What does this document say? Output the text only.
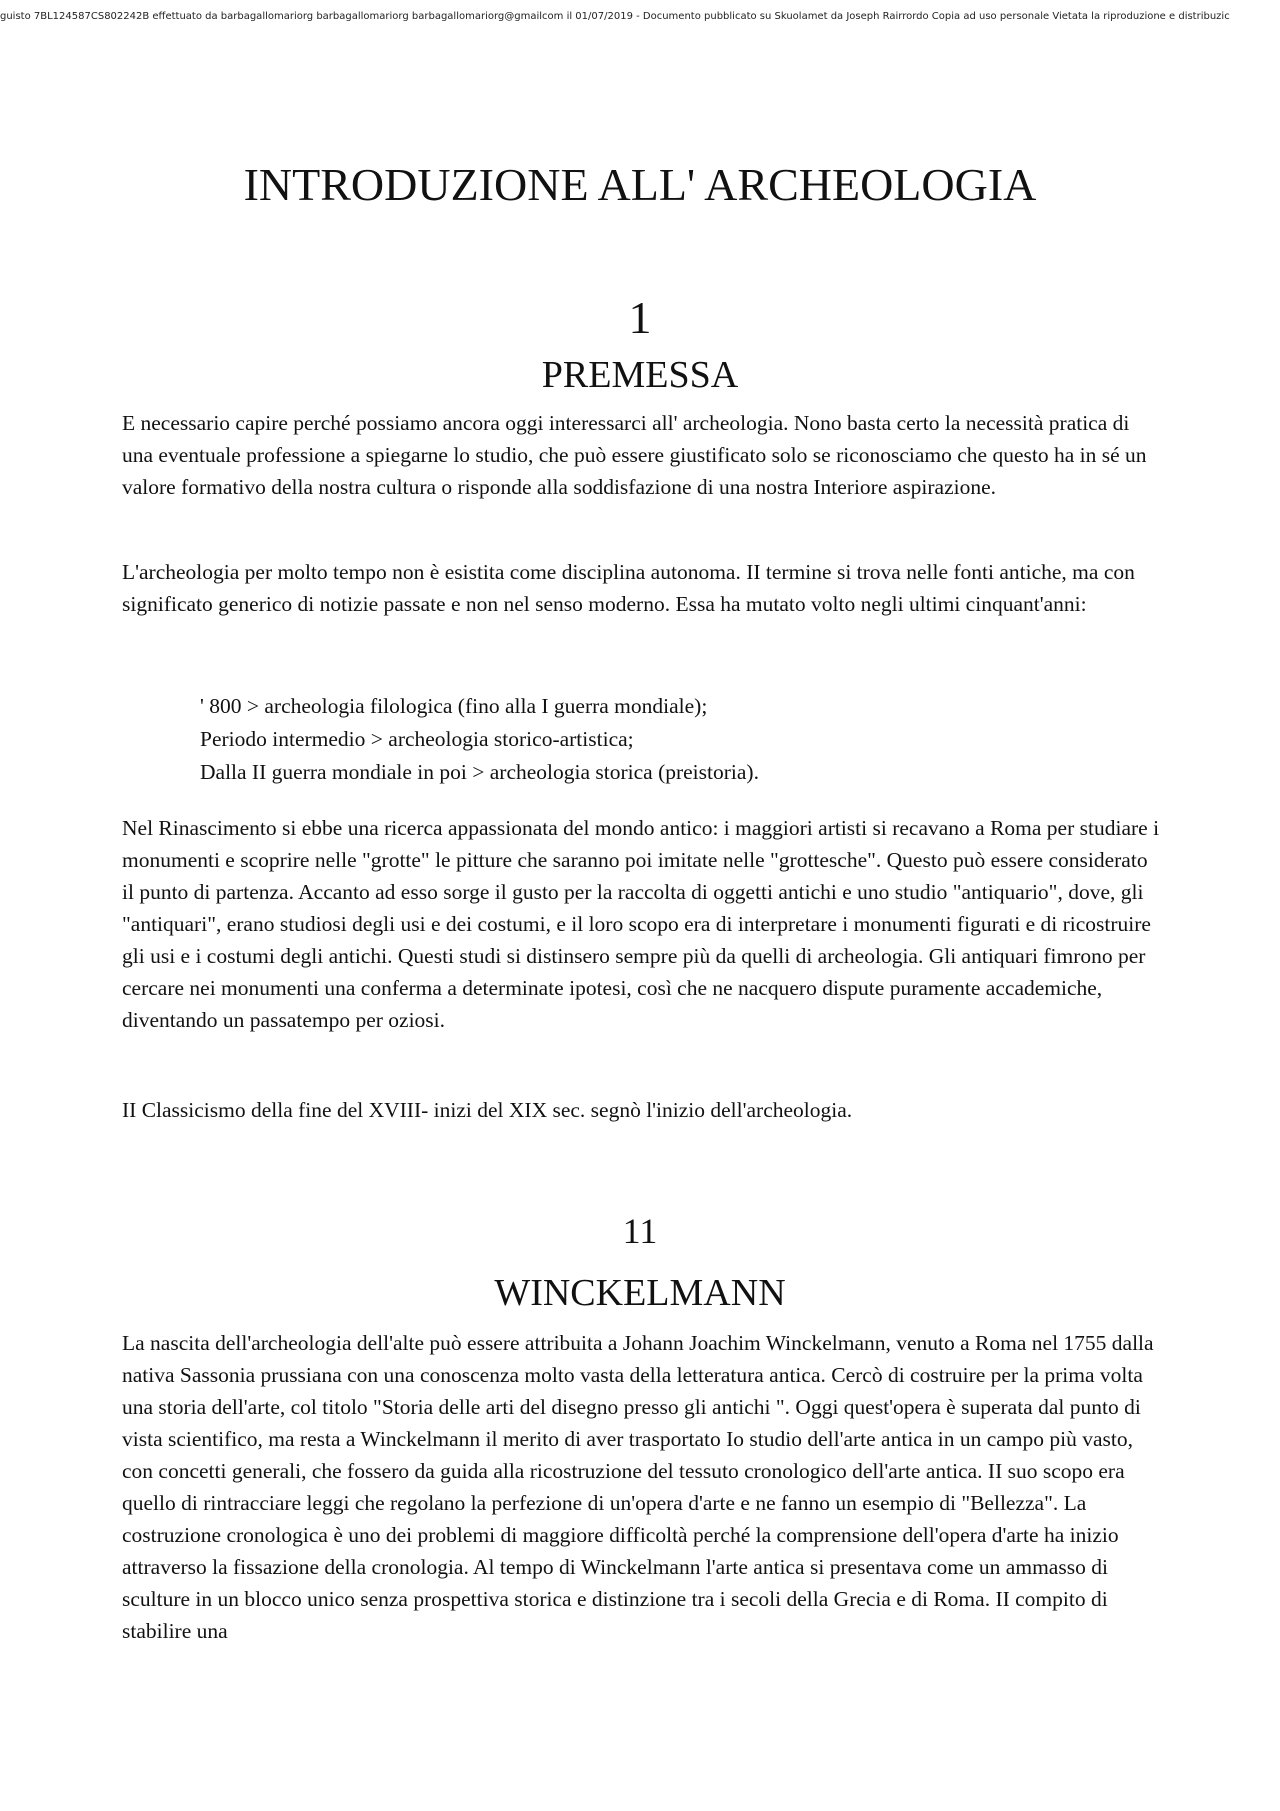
guisto 7BL124587CS802242B effettuato da barbagallomariorg barbagallomariorg barbagallomariorg@gmailcom il 01/07/2019 - Documento pubblicato su Skuolamet da Joseph Rairrordo Copia ad uso personale Vietata la riproduzione e distribuzic
INTRODUZIONE ALL' ARCHEOLOGIA
1
PREMESSA

E necessario capire perché possiamo ancora oggi interessarci all' archeologia. Nono basta certo la necessità pratica di una eventuale professione a spiegarne lo studio, che può essere giustificato solo se riconosciamo che questo ha in sé un valore formativo della nostra cultura o risponde alla soddisfazione di una nostra Interiore aspirazione.

L'archeologia per molto tempo non è esistita come disciplina autonoma. II termine si trova nelle fonti antiche, ma con significato generico di notizie passate e non nel senso moderno. Essa ha mutato volto negli ultimi cinquant'anni:

' 800 > archeologia filologica (fino alla I guerra mondiale);
Periodo intermedio > archeologia storico-artistica;
Dalla II guerra mondiale in poi > archeologia storica (preistoria).

Nel Rinascimento si ebbe una ricerca appassionata del mondo antico: i maggiori artisti si recavano a Roma per studiare i monumenti e scoprire nelle "grotte" le pitture che saranno poi imitate nelle "grottesche". Questo può essere considerato il punto di partenza. Accanto ad esso sorge il gusto per la raccolta di oggetti antichi e uno studio "antiquario", dove, gli "antiquari", erano studiosi degli usi e dei costumi, e il loro scopo era di interpretare i monumenti figurati e di ricostruire gli usi e i costumi degli antichi. Questi studi si distinsero sempre più da quelli di archeologia. Gli antiquari fimrono per cercare nei monumenti una conferma a determinate ipotesi, così che ne nacquero dispute puramente accademiche, diventando un passatempo per oziosi.

II Classicismo della fine del XVIII- inizi del XIX sec. segnò l'inizio dell'archeologia.

11
WINCKELMANN

La nascita dell'archeologia dell'alte può essere attribuita a Johann Joachim Winckelmann, venuto a Roma nel 1755 dalla nativa Sassonia prussiana con una conoscenza molto vasta della letteratura antica. Cercò di costruire per la prima volta una storia dell'arte, col titolo "Storia delle arti del disegno presso gli antichi ". Oggi quest'opera è superata dal punto di vista scientifico, ma resta a Winckelmann il merito di aver trasportato Io studio dell'arte antica in un campo più vasto, con concetti generali, che fossero da guida alla ricostruzione del tessuto cronologico dell'arte antica. II suo scopo era quello di rintracciare leggi che regolano la perfezione di un'opera d'arte e ne fanno un esempio di "Bellezza". La costruzione cronologica è uno dei problemi di maggiore difficoltà perché la comprensione dell'opera d'arte ha inizio attraverso la fissazione della cronologia. Al tempo di Winckelmann l'arte antica si presentava come un ammasso di sculture in un blocco unico senza prospettiva storica e distinzione tra i secoli della Grecia e di Roma. II compito di stabilire una
